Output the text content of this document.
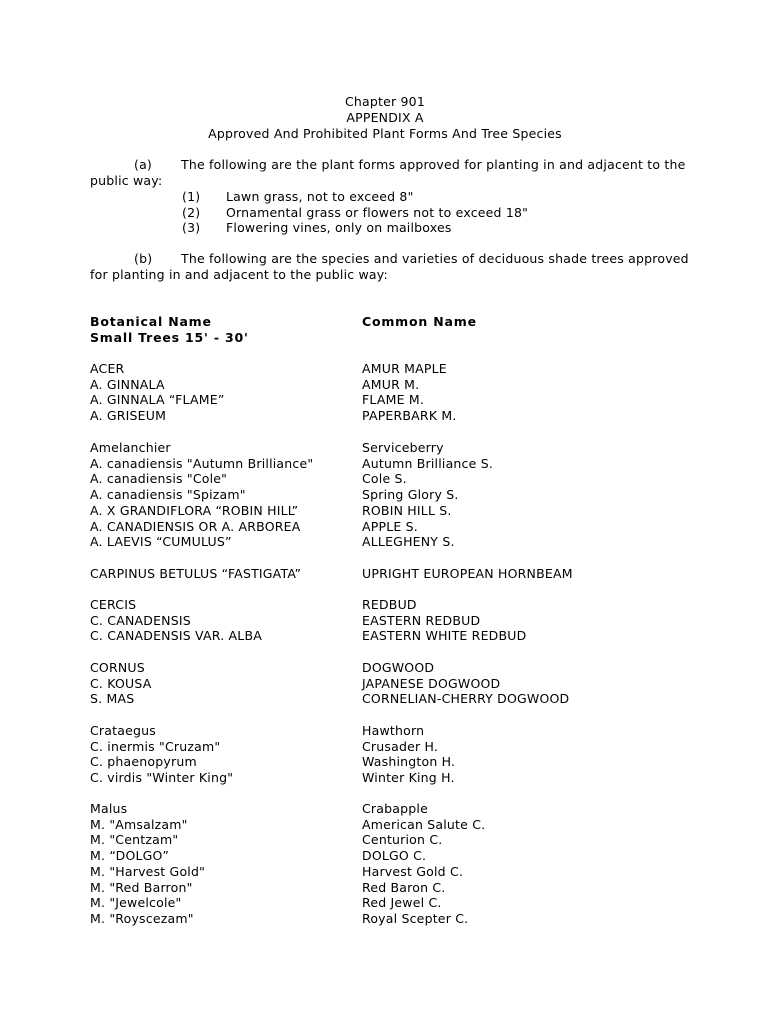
Chapter 901
APPENDIX A
Approved And Prohibited Plant Forms And Tree Species
(a) The following are the plant forms approved for planting in and adjacent to the
public way:
(1) Lawn grass, not to exceed 8"
(2) Ornamental grass or flowers not to exceed 18"
(3) Flowering vines, only on mailboxes
(b) The following are the species and varieties of deciduous shade trees approved
for planting in and adjacent to the public way:
Botanical Name	Common Name
Small Trees 15' - 30'
ACER	AMUR MAPLE
A. GINNALA	AMUR M.
A. GINNALA “FLAME”	FLAME M.
A. GRISEUM	PAPERBARK M.
Amelanchier	Serviceberry
A. canadiensis "Autumn Brilliance"	Autumn Brilliance S.
A. canadiensis "Cole"	Cole S.
A. canadiensis "Spizam"	Spring Glory S.
A. X GRANDIFLORA “ROBIN HILL”	ROBIN HILL S.
A. CANADIENSIS OR A. ARBOREA	APPLE S.
A. LAEVIS “CUMULUS”	ALLEGHENY S.
CARPINUS BETULUS “FASTIGATA”	UPRIGHT EUROPEAN HORNBEAM
CERCIS	REDBUD
C. CANADENSIS	EASTERN REDBUD
C. CANADENSIS VAR. ALBA	EASTERN WHITE REDBUD
CORNUS	DOGWOOD
C. KOUSA	JAPANESE DOGWOOD
S. MAS	CORNELIAN-CHERRY DOGWOOD
Crataegus	Hawthorn
C. inermis "Cruzam"	Crusader H.
C. phaenopyrum	Washington H.
C. virdis "Winter King"	Winter King H.
Malus	Crabapple
M. "Amsalzam"	American Salute C.
M. "Centzam"	Centurion C.
M. “DOLGO”	DOLGO C.
M. "Harvest Gold"	Harvest Gold C.
M. "Red Barron"	Red Baron C.
M. "Jewelcole"	Red Jewel C.
M. "Royscezam"	Royal Scepter C.
